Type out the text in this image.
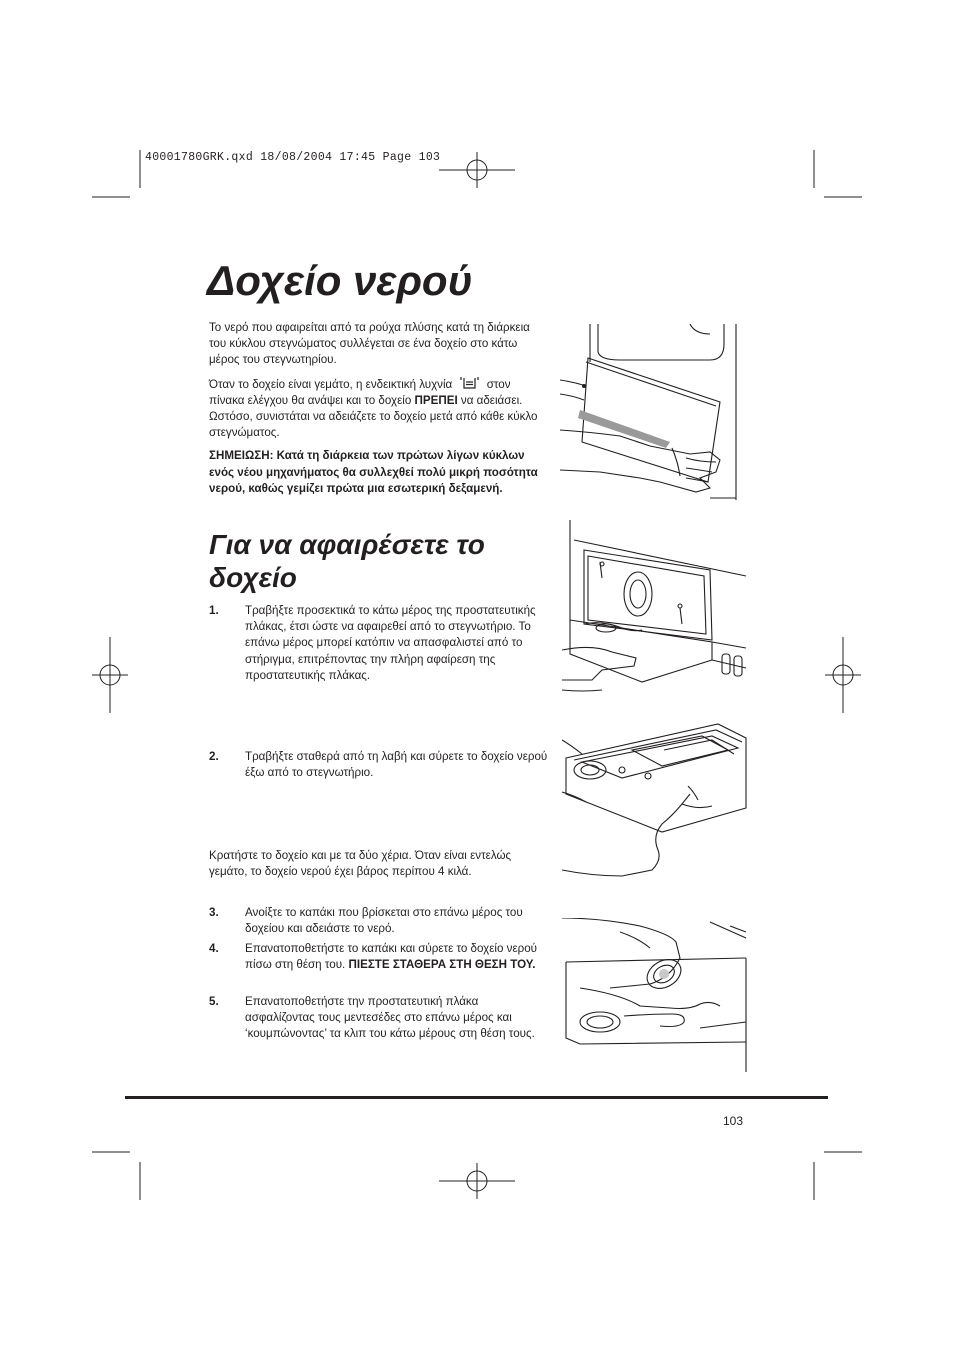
40001780GRK.qxd 18/08/2004 17:45 Page 103
Δοχείο νερού

Το νερό που αφαιρείται από τα ρούχα πλύσης κατά τη διάρκεια του κύκλου στεγνώματος συλλέγεται σε ένα δοχείο στο κάτω μέρος του στεγνωτηρίου.

Όταν το δοχείο είναι γεμάτο, η ενδεικτική λυχνία	στον πίνακα ελέγχου θα ανάψει και το δοχείο ΠΡΕΠΕΙ να αδειάσει. Ωστόσο, συνιστάται να αδειάζετε το δοχείο μετά από κάθε κύκλο στεγνώματος.

ΣΗΜΕΙΩΣΗ: Κατά τη διάρκεια των πρώτων λίγων κύκλων ενός νέου μηχανήματος θα συλλεχθεί πολύ μικρή ποσότητα νερού, καθώς γεμίζει πρώτα μια εσωτερική δεξαμενή.

Για να αφαιρέσετε το δοχείο
1.	Τραβήξτε προσεκτικά το κάτω μέρος της προστατευτικής πλάκας, έτσι ώστε να αφαιρεθεί από το στεγνωτήριο. Το επάνω μέρος μπορεί κατόπιν να απασφαλιστεί από το στήριγμα, επιτρέποντας την πλήρη αφαίρεση της προστατευτικής πλάκας.
2.	Τραβήξτε σταθερά από τη λαβή και σύρετε το δοχείο νερού έξω από το στεγνωτήριο.
Κρατήστε το δοχείο και με τα δύο χέρια. Όταν είναι εντελώς γεμάτο, το δοχείο νερού έχει βάρος περίπου 4 κιλά.
3.	Ανοίξτε το καπάκι που βρίσκεται στο επάνω μέρος του δοχείου και αδειάστε το νερό.
4.	Επανατοποθετήστε το καπάκι και σύρετε το δοχείο νερού πίσω στη θέση του. ΠΙΕΣΤΕ ΣΤΑΘΕΡΑ ΣΤΗ ΘΕΣΗ ΤΟΥ.
5.	Επανατοποθετήστε την προστατευτική πλάκα ασφαλίζοντας τους μεντεσέδες στο επάνω μέρος και ‘κουμπώνοντας’ τα κλιπ του κάτω μέρους στη θέση τους.
103
